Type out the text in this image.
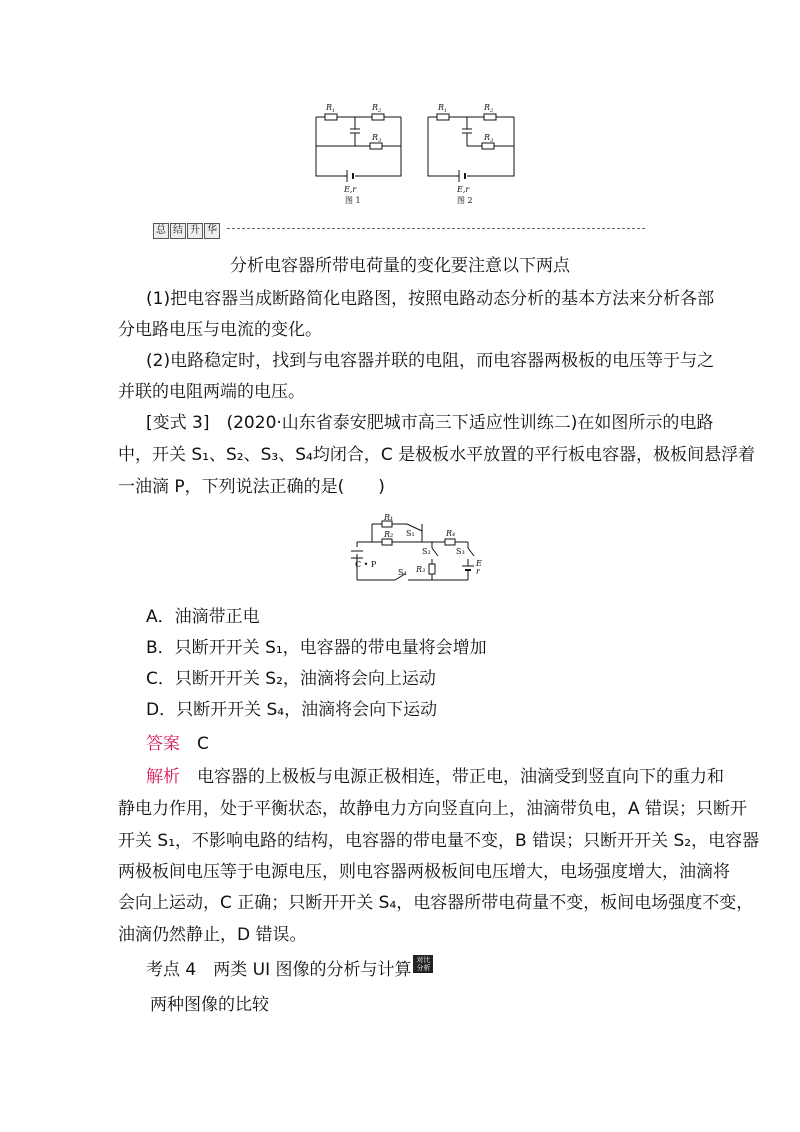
$R_1$	$R_2$
$R_3$
E,r
图 1
$R_1$	$R_2$
$R_3$
E,r
图 2
总 结 升 华
分析电容器所带电荷量的变化要注意以下两点
(1)把电容器当成断路简化电路图，按照电路动态分析的基本方法来分析各部
分电路电压与电流的变化。
(2)电路稳定时，找到与电容器并联的电阻，而电容器两极板的电压等于与之
并联的电阻两端的电压。
[变式 3]　(2020·山东省泰安肥城市高三下适应性训练二)在如图所示的电路
中，开关 S₁、S₂、S₃、S₄均闭合，C 是极板水平放置的平行板电容器，极板间悬浮着
一油滴 P，下列说法正确的是(　　)
R₁
R₂ S₁	R₄
S₂	S₃
R₃
E
r
C • P
S₄
A．油滴带正电
B．只断开开关 S₁，电容器的带电量将会增加
C．只断开开关 S₂，油滴将会向上运动
D．只断开开关 S₄，油滴将会向下运动
答案　 C
解析　 电容器的上极板与电源正极相连，带正电，油滴受到竖直向下的重力和
静电力作用，处于平衡状态，故静电力方向竖直向上，油滴带负电，A 错误；只断开
开关 S₁，不影响电路的结构，电容器的带电量不变，B 错误；只断开开关 S₂，电容器
两极板间电压等于电源电压，则电容器两极板间电压增大，电场强度增大，油滴将
会向上运动，C 正确；只断开开关 S₄，电容器所带电荷量不变，板间电场强度不变，
油滴仍然静止，D 错误。
考点 4　两类 UI 图像的分析与计算 对比
分析
两种图像的比较
